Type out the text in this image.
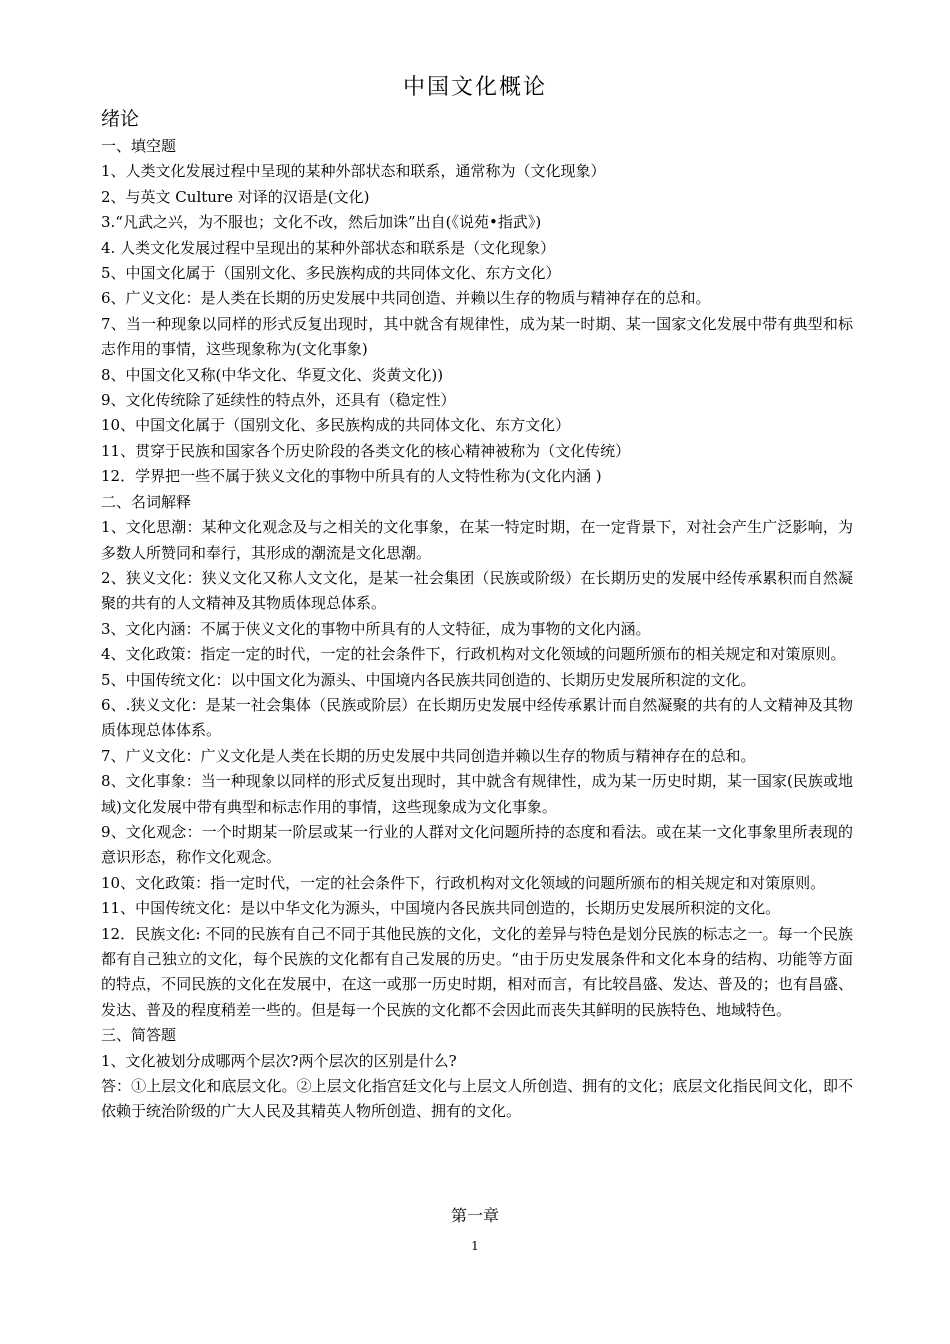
中国文化概论
绪论

一、填空题

1、人类文化发展过程中呈现的某种外部状态和联系，通常称为（文化现象）

2、与英文 Culture 对译的汉语是(文化)

3.“凡武之兴，为不服也；文化不改，然后加诛”出自(《说苑•指武》)

4. 人类文化发展过程中呈现出的某种外部状态和联系是（文化现象）

5、中国文化属于（国别文化、多民族构成的共同体文化、东方文化）

6、广义文化：是人类在长期的历史发展中共同创造、并赖以生存的物质与精神存在的总和。

7、当一种现象以同样的形式反复出现时，其中就含有规律性，成为某一时期、某一国家文化发展中带有典型和标志作用的事情，这些现象称为(文化事象)

8、中国文化又称(中华文化、华夏文化、炎黄文化))

9、文化传统除了延续性的特点外，还具有（稳定性）

10、中国文化属于（国别文化、多民族构成的共同体文化、东方文化）

11、贯穿于民族和国家各个历史阶段的各类文化的核心精神被称为（文化传统）

12．学界把一些不属于狭义文化的事物中所具有的人文特性称为(文化内涵 )

二、名词解释

1、文化思潮：某种文化观念及与之相关的文化事象，在某一特定时期，在一定背景下，对社会产生广泛影响，为多数人所赞同和奉行，其形成的潮流是文化思潮。

2、狭义文化：狭义文化又称人文文化，是某一社会集团（民族或阶级）在长期历史的发展中经传承累积而自然凝聚的共有的人文精神及其物质体现总体系。

3、文化内涵：不属于侠义文化的事物中所具有的人文特征，成为事物的文化内涵。

4、文化政策：指定一定的时代，一定的社会条件下，行政机构对文化领域的问题所颁布的相关规定和对策原则。

5、中国传统文化：以中国文化为源头、中国境内各民族共同创造的、长期历史发展所积淀的文化。

6、.狭义文化：是某一社会集体（民族或阶层）在长期历史发展中经传承累计而自然凝聚的共有的人文精神及其物质体现总体体系。

7、广义文化：广义文化是人类在长期的历史发展中共同创造并赖以生存的物质与精神存在的总和。

8、文化事象：当一种现象以同样的形式反复出现时，其中就含有规律性，成为某一历史时期，某一国家(民族或地域)文化发展中带有典型和标志作用的事情，这些现象成为文化事象。

9、文化观念：一个时期某一阶层或某一行业的人群对文化问题所持的态度和看法。或在某一文化事象里所表现的意识形态，称作文化观念。

10、文化政策：指一定时代，一定的社会条件下，行政机构对文化领域的问题所颁布的相关规定和对策原则。

11、中国传统文化：是以中华文化为源头，中国境内各民族共同创造的，长期历史发展所积淀的文化。

12．民族文化: 不同的民族有自己不同于其他民族的文化，文化的差异与特色是划分民族的标志之一。每一个民族都有自己独立的文化，每个民族的文化都有自己发展的历史。“由于历史发展条件和文化本身的结构、功能等方面的特点，不同民族的文化在发展中，在这一或那一历史时期，相对而言，有比较昌盛、发达、普及的；也有昌盛、发达、普及的程度稍差一些的。但是每一个民族的文化都不会因此而丧失其鲜明的民族特色、地域特色。

三、简答题

1、文化被划分成哪两个层次?两个层次的区别是什么?

答：①上层文化和底层文化。②上层文化指宫廷文化与上层文人所创造、拥有的文化；底层文化指民间文化，即不依赖于统治阶级的广大人民及其精英人物所创造、拥有的文化。

第一章
1
